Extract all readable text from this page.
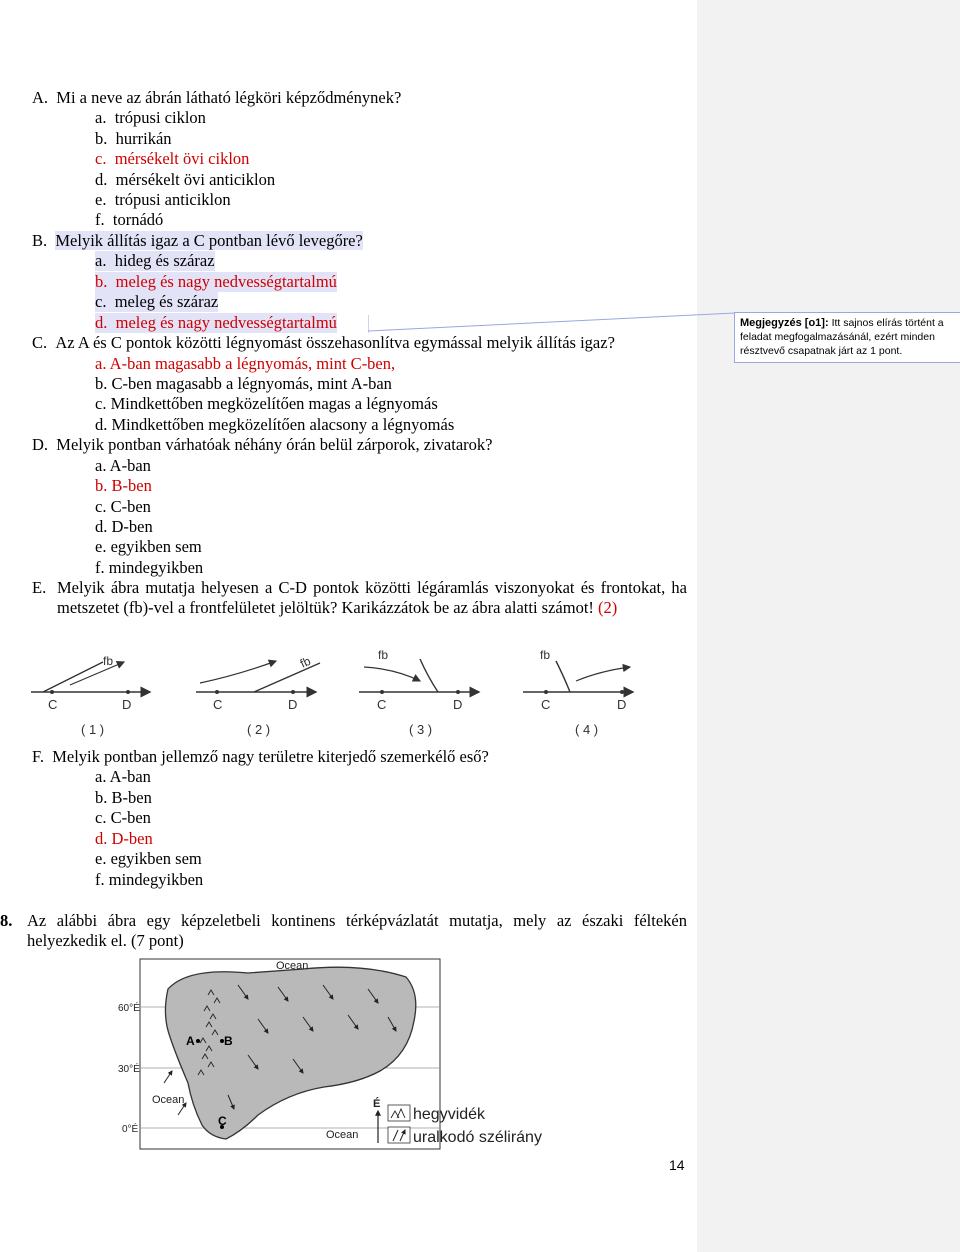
A.  Mi a neve az ábrán látható légköri képződménynek?
a.  trópusi ciklon
b.  hurrikán
c.  mérsékelt övi ciklon
d.  mérsékelt övi anticiklon
e.  trópusi anticiklon
f.  tornádó
B.  Melyik állítás igaz a C pontban lévő levegőre?
a.  hideg és száraz
b.  meleg és nagy nedvességtartalmú
c.  meleg és száraz
d.  meleg és nagy nedvességtartalmú
C.  Az A és C pontok közötti légnyomást összehasonlítva egymással melyik állítás igaz?
a. A-ban magasabb a légnyomás, mint C-ben,
b. C-ben magasabb a légnyomás, mint A-ban
c. Mindkettőben megközelítően magas a légnyomás
d. Mindkettőben megközelítően alacsony a légnyomás
D.  Melyik pontban várhatóak néhány órán belül zárporok, zivatarok?
a. A-ban
b. B-ben
c. C-ben
d. D-ben
e. egyikben sem
f. mindegyikben
E. Melyik ábra mutatja helyesen a C-D pontok közötti légáramlás viszonyokat és frontokat, ha metszetet (fb)-vel a frontfelületet jelöltük? Karikázzátok be az ábra alatti számot! (2)
fb
C	D
( 1 )
fb
C	D
( 2 )
fb
C	D
( 3 )
fb
C	D
( 4 )
F.  Melyik pontban jellemző nagy területre kiterjedő szemerkélő eső?
a. A-ban
b. B-ben
c. C-ben
d. D-ben
e. egyikben sem
f. mindegyikben
8. Az alábbi ábra egy képzeletbeli kontinens térképvázlatát mutatja, mely az északi féltekén helyezkedik el. (7 pont)
A B
C
Ocean
Ocean
Ocean
60°É
30°É
0°É
É
hegyvidék
uralkodó szélirány
14
Megjegyzés [o1]: Itt sajnos elírás történt a feladat megfogalmazásánál, ezért minden résztvevő csapatnak járt az 1 pont.
